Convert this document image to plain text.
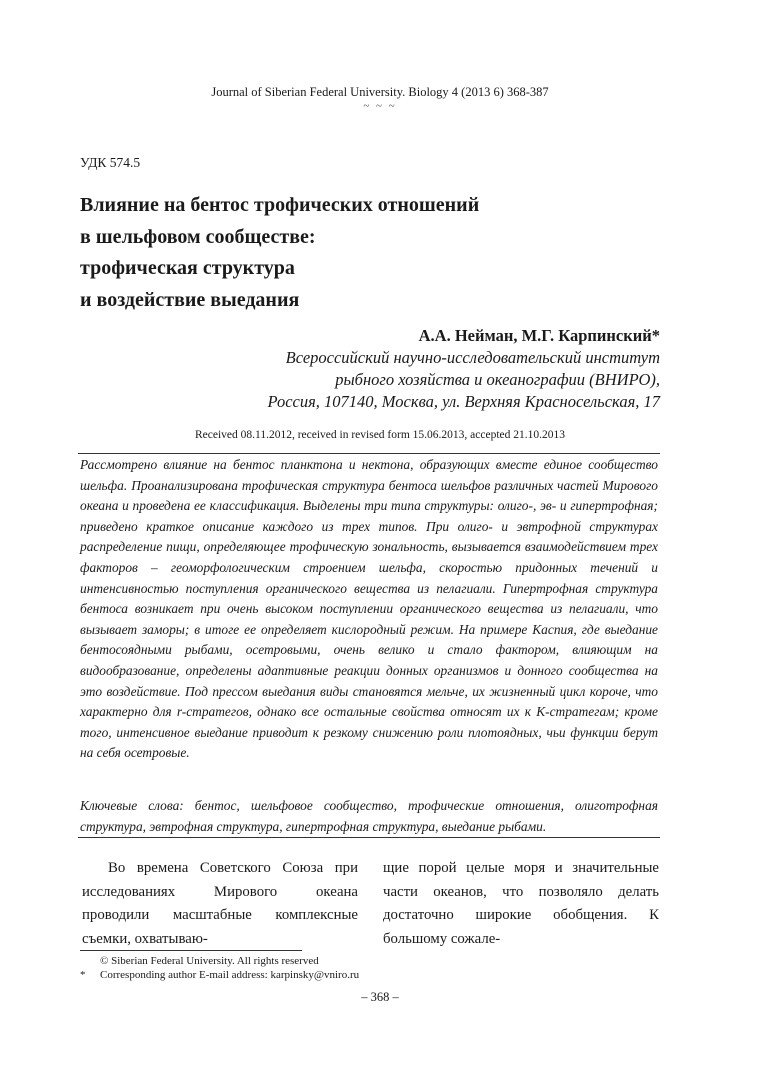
Journal of Siberian Federal University. Biology 4 (2013 6) 368-387
~ ~ ~
УДК 574.5
Влияние на бентос трофических отношений
в шельфовом сообществе:
трофическая структура
и воздействие выедания
А.А. Нейман, М.Г. Карпинский*
Всероссийский научно-исследовательский институт
рыбного хозяйства и океанографии (ВНИРО),
Россия, 107140, Москва, ул. Верхняя Красносельская, 17
Received 08.11.2012, received in revised form 15.06.2013, accepted 21.10.2013
Рассмотрено влияние на бентос планктона и нектона, образующих вместе единое сообщество шельфа. Проанализирована трофическая структура бентоса шельфов различных частей Мирового океана и проведена ее классификация. Выделены три типа структуры: олиго-, эв- и гипертрофная; приведено краткое описание каждого из трех типов. При олиго- и эвтрофной структурах распределение пищи, определяющее трофическую зональность, вызывается взаимодействием трех факторов – геоморфологическим строением шельфа, скоростью придонных течений и интенсивностью поступления органического вещества из пелагиали. Гипертрофная структура бентоса возникает при очень высоком поступлении органического вещества из пелагиали, что вызывает заморы; в итоге ее определяет кислородный режим. На примере Каспия, где выедание бентосоядными рыбами, осетровыми, очень велико и стало фактором, влияющим на видообразование, определены адаптивные реакции донных организмов и донного сообщества на это воздействие. Под прессом выедания виды становятся мельче, их жизненный цикл короче, что характерно для r-стратегов, однако все остальные свойства относят их к K-стратегам; кроме того, интенсивное выедание приводит к резкому снижению роли плотоядных, чьи функции берут на себя осетровые.
Ключевые слова: бентос, шельфовое сообщество, трофические отношения, олиготрофная структура, эвтрофная структура, гипертрофная структура, выедание рыбами.
Во времена Советского Союза при исследованиях Мирового океана проводили масштабные комплексные съемки, охватываю-
щие порой целые моря и значительные части океанов, что позволяло делать достаточно широкие обобщения. К большому сожале-
© Siberian Federal University. All rights reserved
* Corresponding author E-mail address: karpinsky@vniro.ru
– 368 –
